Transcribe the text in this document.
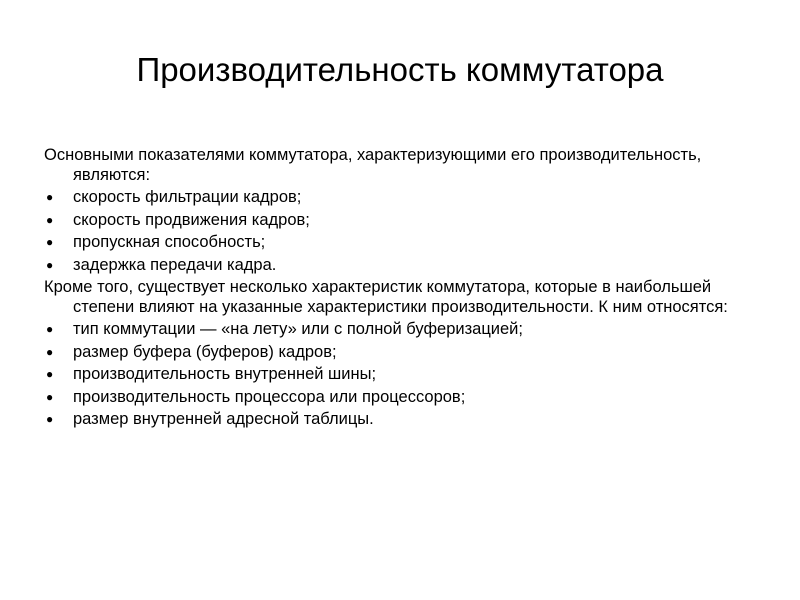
Производительность коммутатора

Основными показателями коммутатора, характеризующими его производительность, являются:

● скорость фильтрации кадров;
● скорость продвижения кадров;
● пропускная способность;
● задержка передачи кадра.

Кроме того, существует несколько характеристик коммутатора, которые в наибольшей степени влияют на указанные характеристики производительности. К ним относятся:

● тип коммутации — «на лету» или с полной буферизацией;
● размер буфера (буферов) кадров;
● производительность внутренней шины;
● производительность процессора или процессоров;
● размер внутренней адресной таблицы.
